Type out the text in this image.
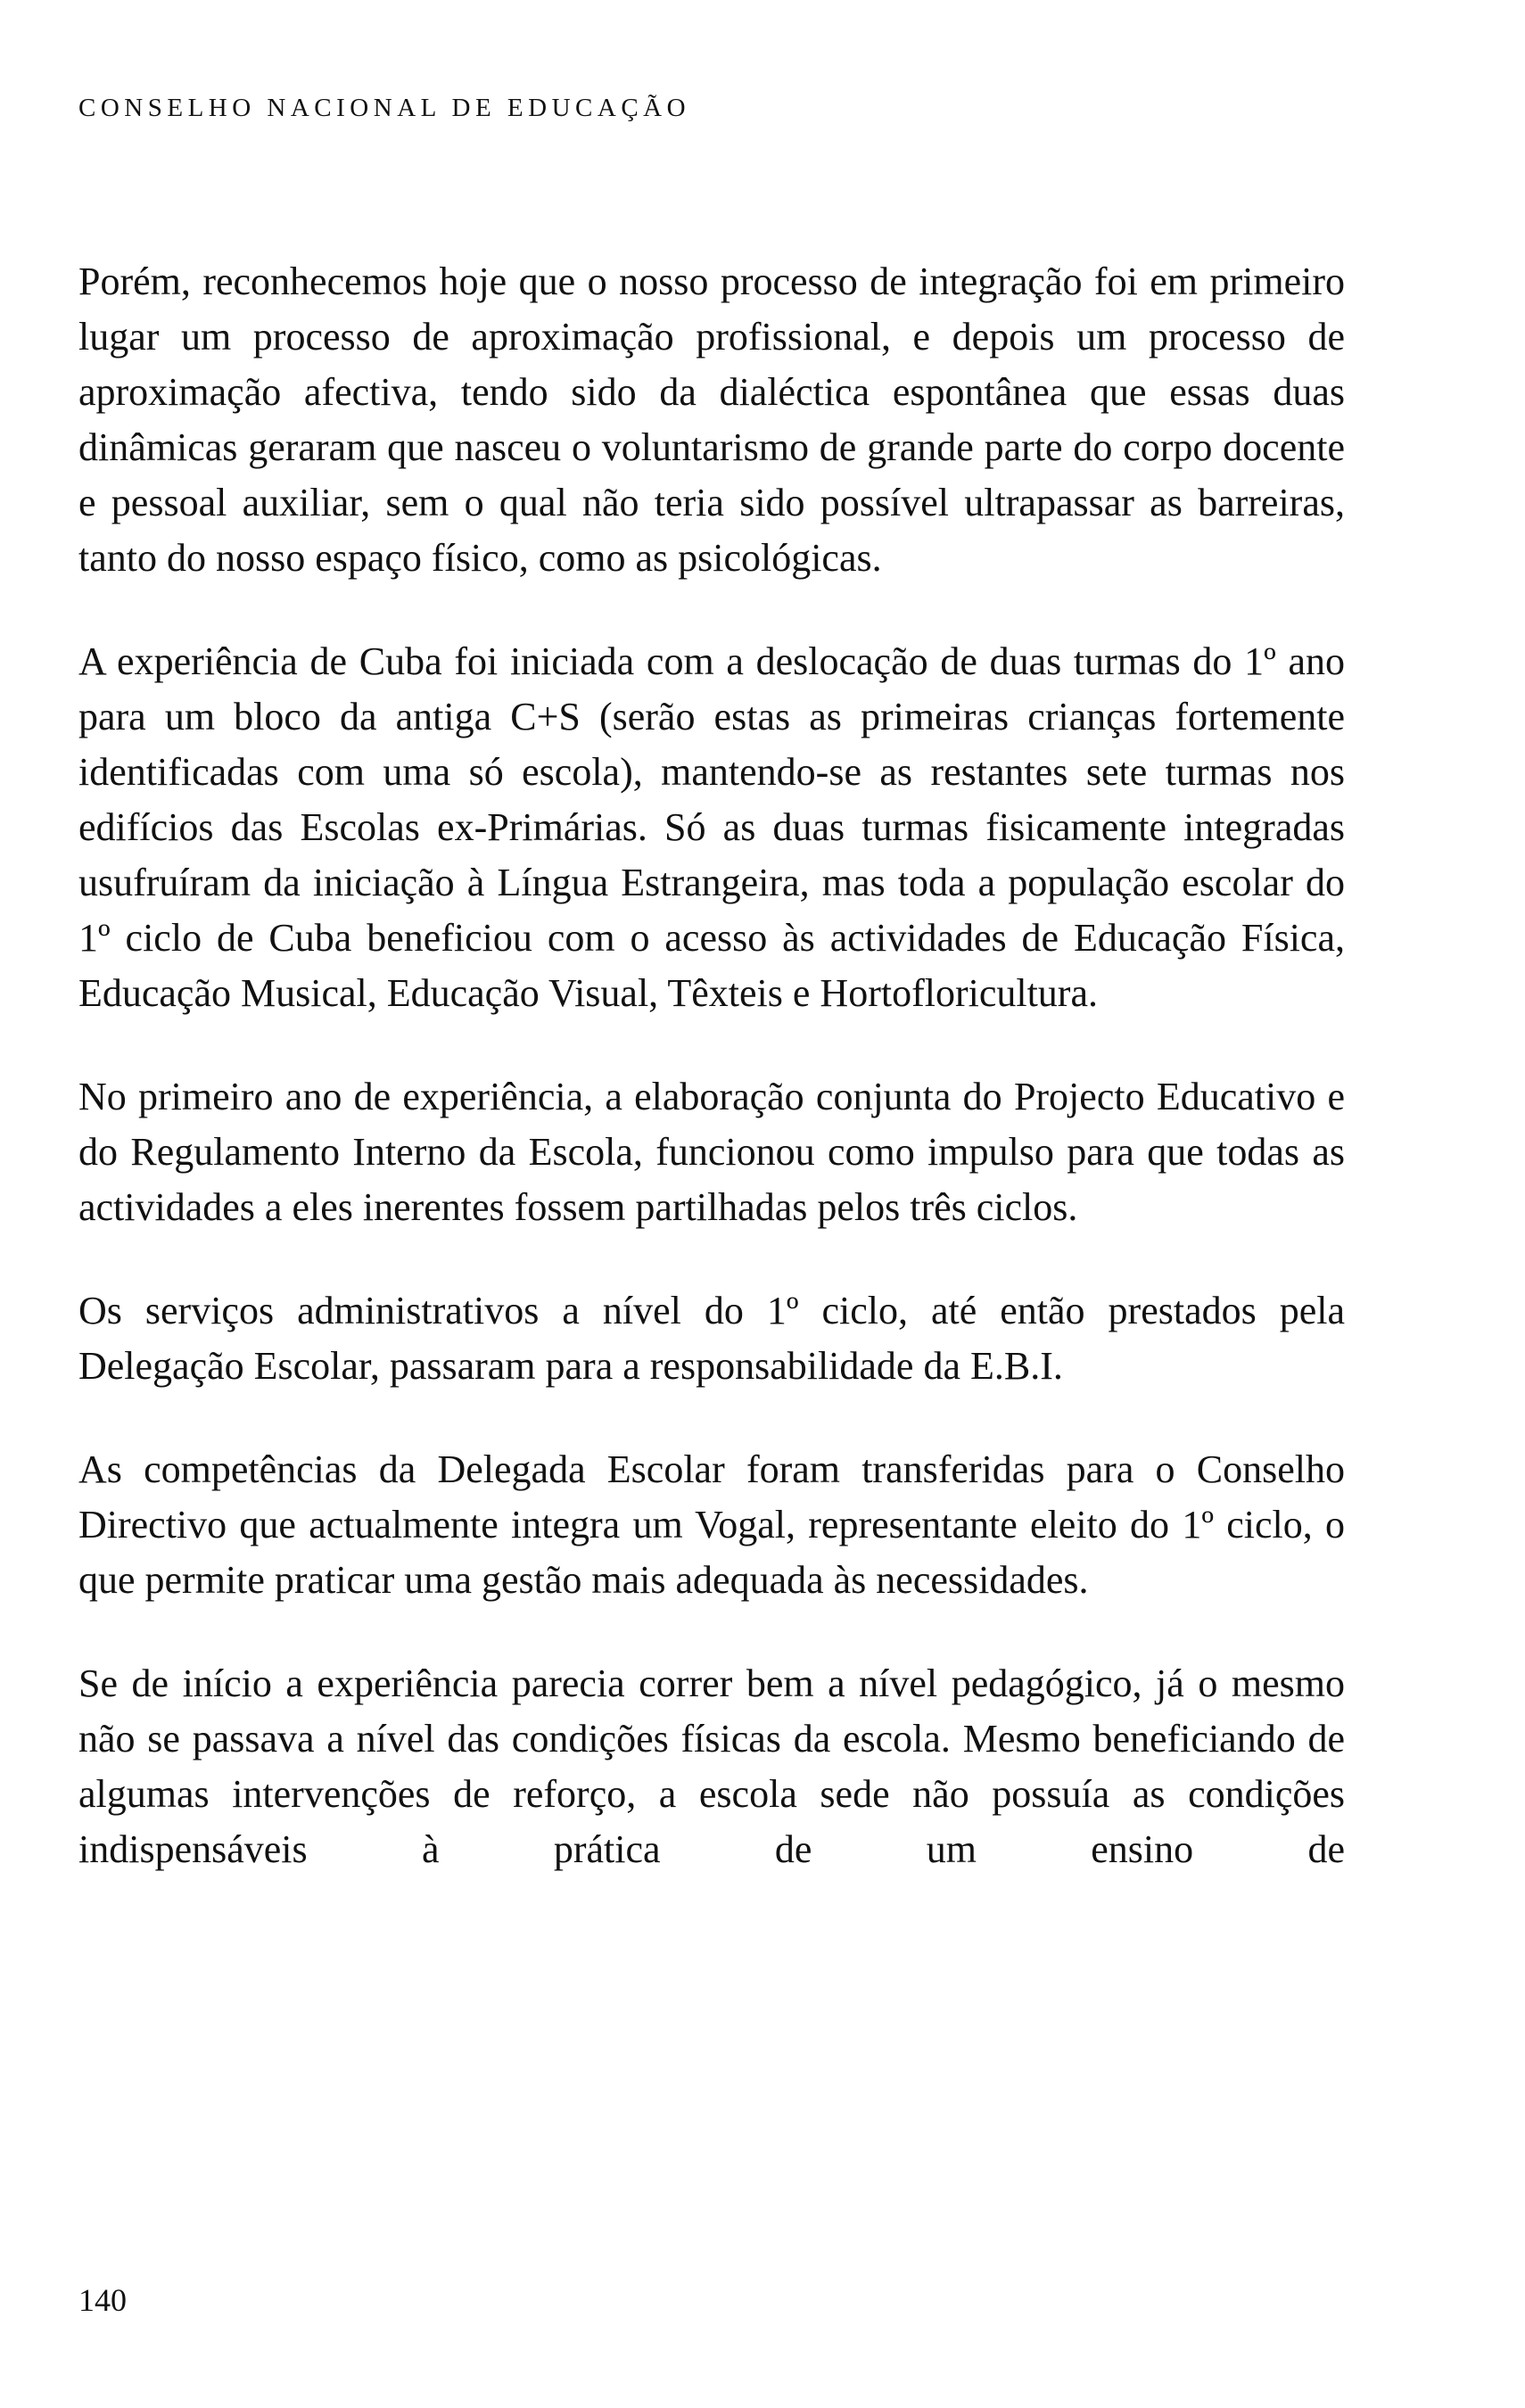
CONSELHO NACIONAL DE EDUCAÇÃO

Porém, reconhecemos hoje que o nosso processo de integração foi em primeiro lugar um processo de aproximação profissional, e depois um processo de aproximação afectiva, tendo sido da dialéctica espontânea que essas duas dinâmicas geraram que nasceu o voluntarismo de grande parte do corpo docente e pessoal auxiliar, sem o qual não teria sido possível ultrapassar as barreiras, tanto do nosso espaço físico, como as psicológicas.

A experiência de Cuba foi iniciada com a deslocação de duas turmas do 1º ano para um bloco da antiga C+S (serão estas as primeiras crianças fortemente identificadas com uma só escola), mantendo-se as restantes sete turmas nos edifícios das Escolas ex-Primárias. Só as duas turmas fisicamente integradas usufruíram da iniciação à Língua Estrangeira, mas toda a população escolar do 1º ciclo de Cuba beneficiou com o acesso às actividades de Educação Física, Educação Musical, Educação Visual, Têxteis e Hortofloricultura.

No primeiro ano de experiência, a elaboração conjunta do Projecto Educativo e do Regulamento Interno da Escola, funcionou como impulso para que todas as actividades a eles inerentes fossem partilhadas pelos três ciclos.

Os serviços administrativos a nível do 1º ciclo, até então prestados pela Delegação Escolar, passaram para a responsabilidade da E.B.I.

As competências da Delegada Escolar foram transferidas para o Conselho Directivo que actualmente integra um Vogal, representante eleito do 1º ciclo, o que permite praticar uma gestão mais adequada às necessidades.

Se de início a experiência parecia correr bem a nível pedagógico, já o mesmo não se passava a nível das condições físicas da escola. Mesmo beneficiando de algumas intervenções de reforço, a escola sede não possuía as condições indispensáveis à prática de um ensino de

140
